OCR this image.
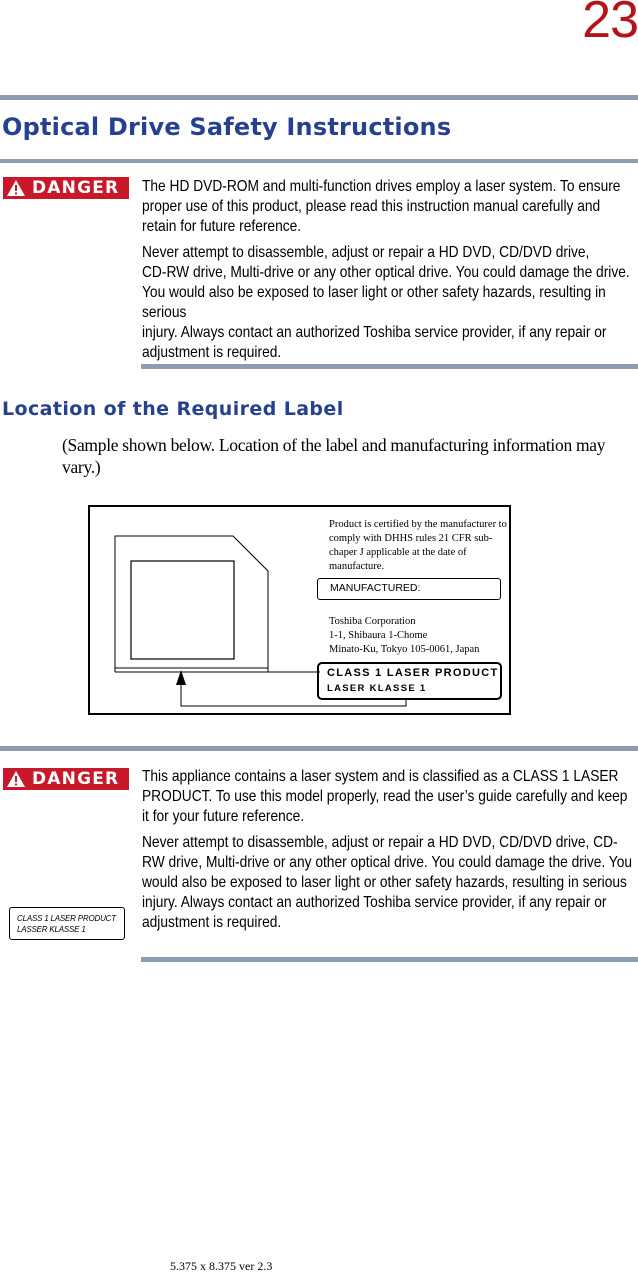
23
Optical Drive Safety Instructions
DANGER The HD DVD-ROM and multi-function drives employ a laser system. To ensure proper use of this product, please read this instruction manual carefully and retain for future reference.
Never attempt to disassemble, adjust or repair a HD DVD, CD/DVD drive,
CD-RW drive, Multi-drive or any other optical drive. You could damage the drive.
You would also be exposed to laser light or other safety hazards, resulting in serious
injury. Always contact an authorized Toshiba service provider, if any repair or
adjustment is required.
Location of the Required Label
(Sample shown below. Location of the label and manufacturing information may vary.)
Product is certified by the manufacturer to
comply with DHHS rules 21 CFR sub-
chaper J applicable at the date of
manufacture.
MANUFACTURED:
Toshiba Corporation
1-1, Shibaura 1-Chome
Minato-Ku, Tokyo 105-0061, Japan
CLASS 1 LASER PRODUCT
LASER KLASSE 1
DANGER This appliance contains a laser system and is classified as a CLASS 1 LASER PRODUCT. To use this model properly, read the user’s guide carefully and keep it for your future reference.
Never attempt to disassemble, adjust or repair a HD DVD, CD/DVD drive, CD-RW drive, Multi-drive or any other optical drive. You could damage the drive. You would also be exposed to laser light or other safety hazards, resulting in serious injury. Always contact an authorized Toshiba service provider, if any repair or adjustment is required.
CLASS 1 LASER PRODUCT
LASSER KLASSE 1
5.375 x 8.375 ver 2.3
